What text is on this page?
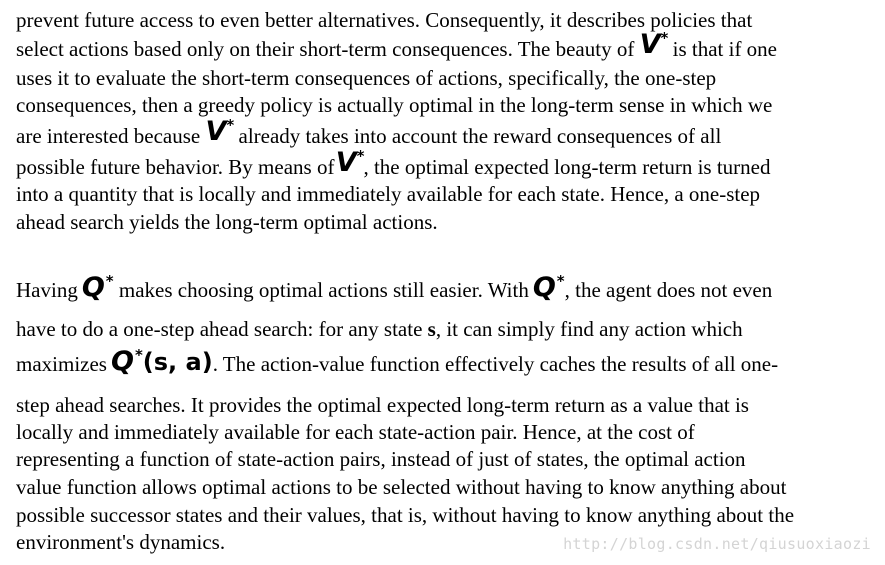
prevent future access to even better alternatives. Consequently, it describes policies that
select actions based only on their short-term consequences. The beauty of V* is that if one
uses it to evaluate the short-term consequences of actions, specifically, the one-step
consequences, then a greedy policy is actually optimal in the long-term sense in which we
are interested because V* already takes into account the reward consequences of all
possible future behavior. By means of V*, the optimal expected long-term return is turned
into a quantity that is locally and immediately available for each state. Hence, a one-step
ahead search yields the long-term optimal actions.
Having Q* makes choosing optimal actions still easier. With Q*, the agent does not even
have to do a one-step ahead search: for any state s, it can simply find any action which
maximizes Q*(s, a). The action-value function effectively caches the results of all one-
step ahead searches. It provides the optimal expected long-term return as a value that is
locally and immediately available for each state-action pair. Hence, at the cost of
representing a function of state-action pairs, instead of just of states, the optimal action
value function allows optimal actions to be selected without having to know anything about
possible successor states and their values, that is, without having to know anything about the
environment's dynamics.	http://blog.csdn.net/qiusuoxiaozi
